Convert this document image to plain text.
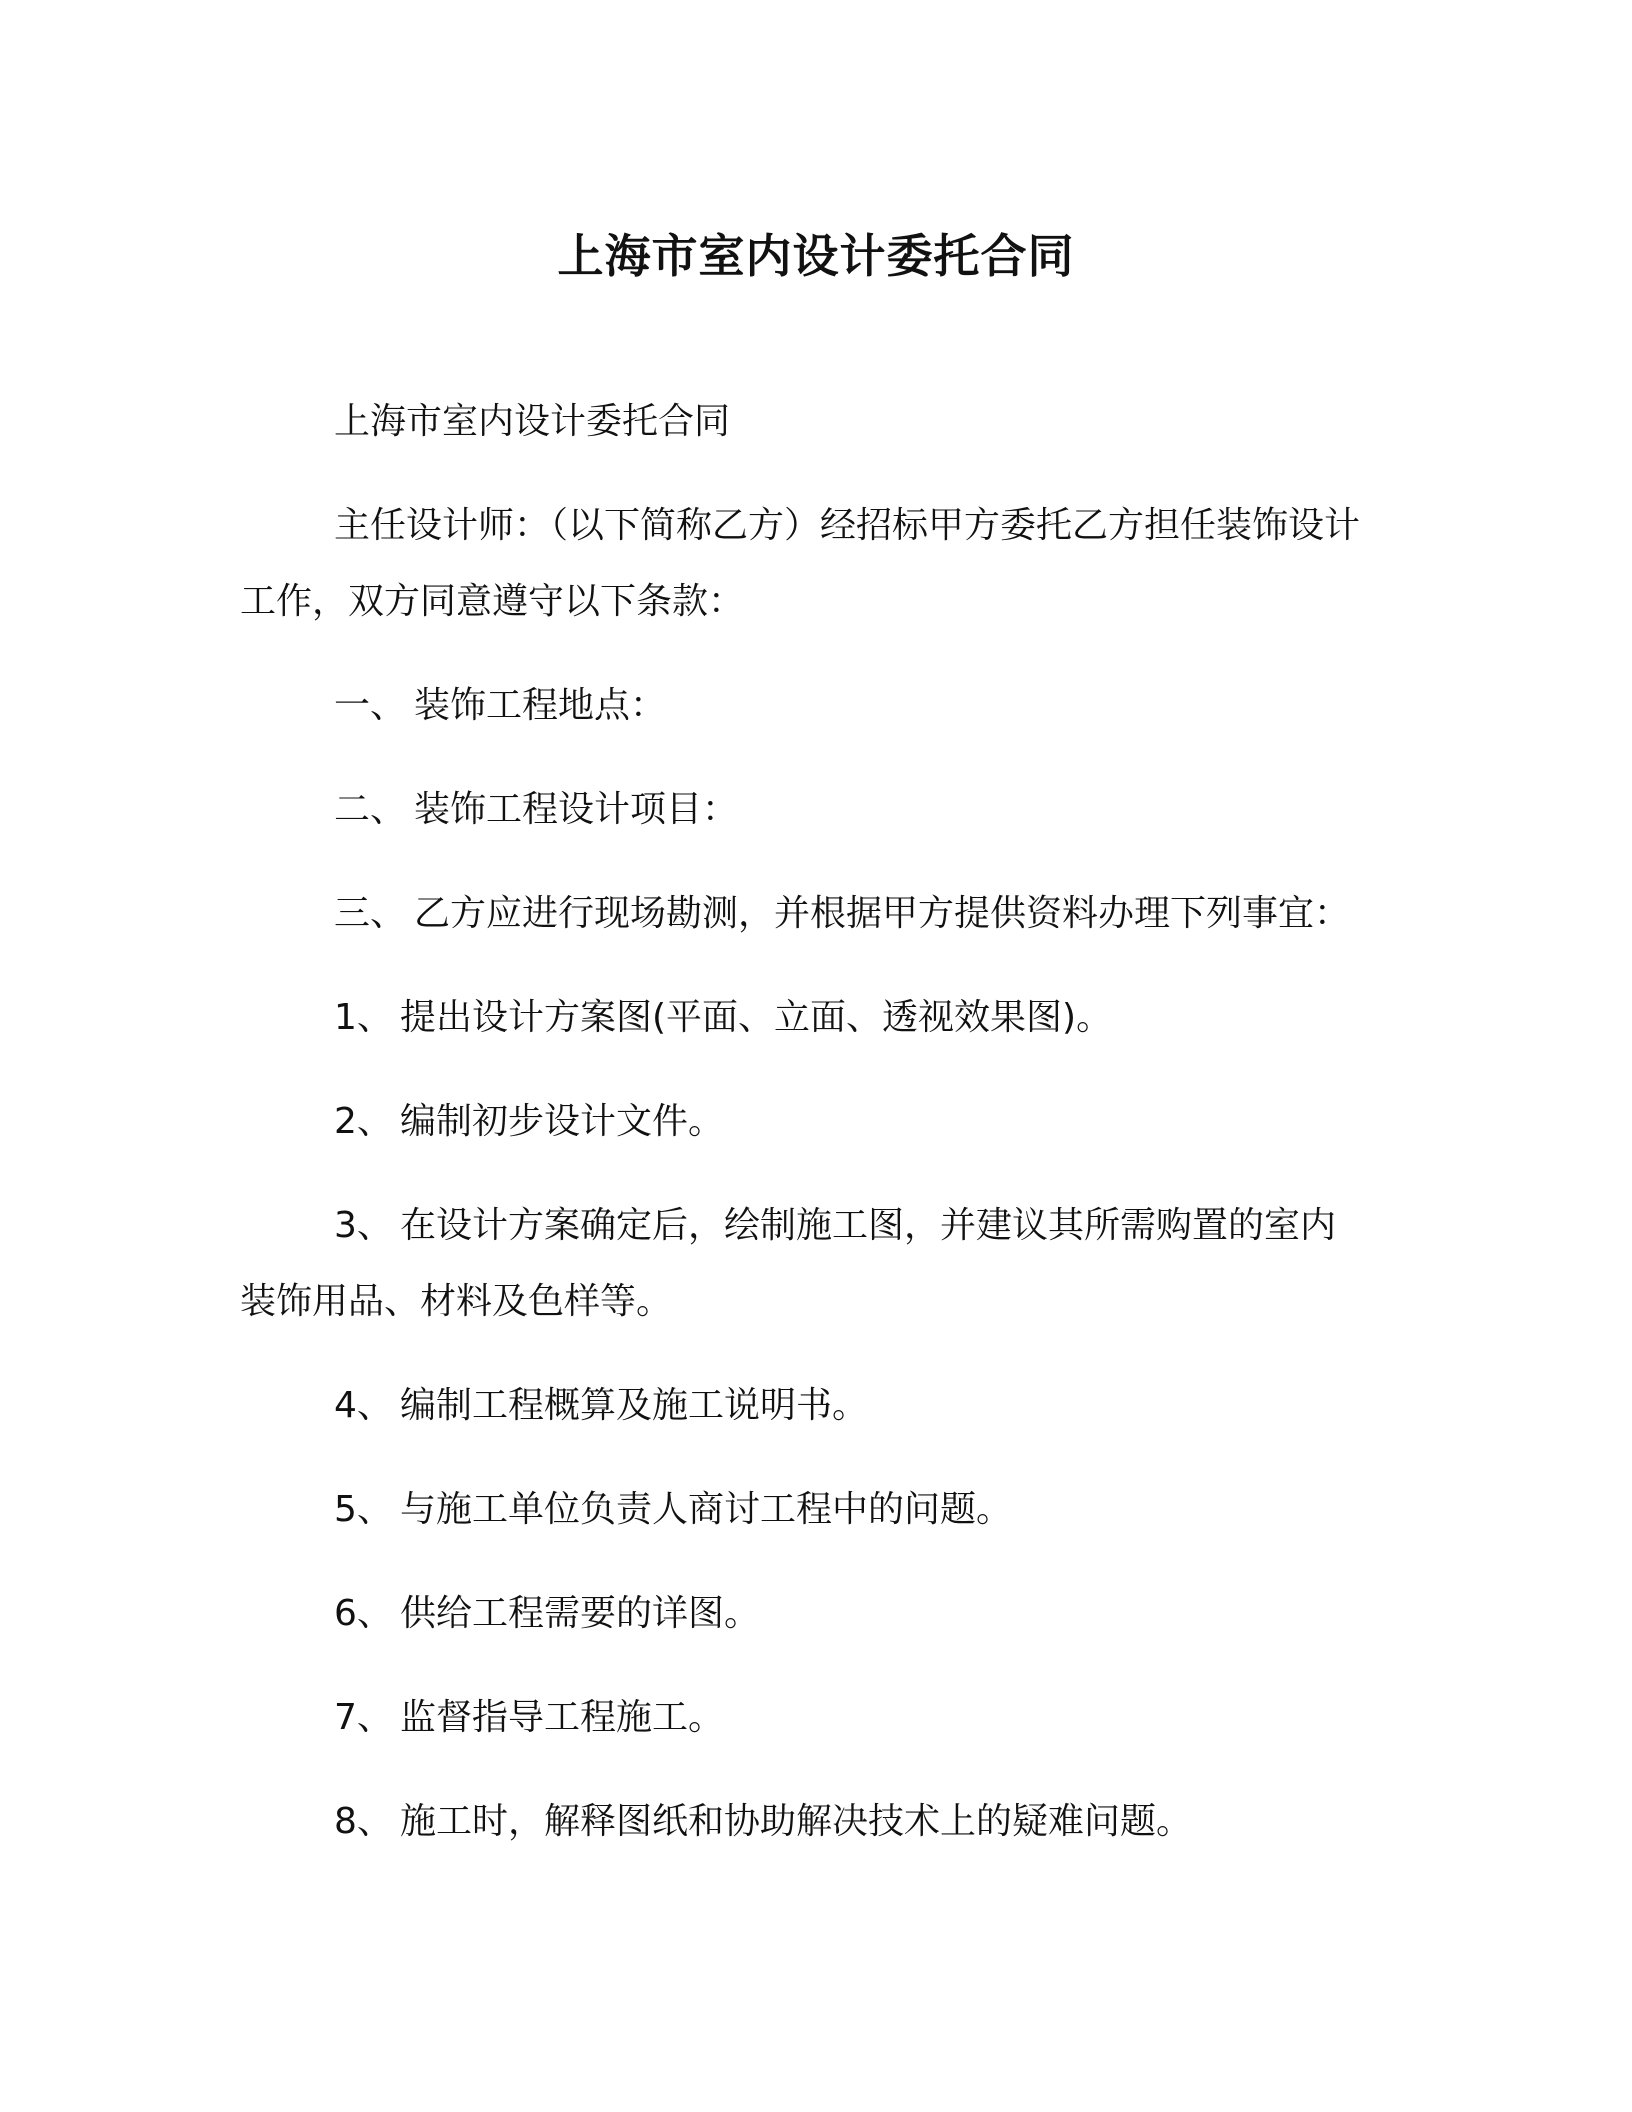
上海市室内设计委托合同
上海市室内设计委托合同
主任设计师：（以下简称乙方）经招标甲方委托乙方担任装饰设计
工作，双方同意遵守以下条款：
一、 装饰工程地点：
二、 装饰工程设计项目：
三、 乙方应进行现场勘测，并根据甲方提供资料办理下列事宜：
1、 提出设计方案图(平面、立面、透视效果图)。
2、 编制初步设计文件。
3、 在设计方案确定后，绘制施工图，并建议其所需购置的室内
装饰用品、材料及色样等。
4、 编制工程概算及施工说明书。
5、 与施工单位负责人商讨工程中的问题。
6、 供给工程需要的详图。
7、 监督指导工程施工。
8、 施工时，解释图纸和协助解决技术上的疑难问题。
